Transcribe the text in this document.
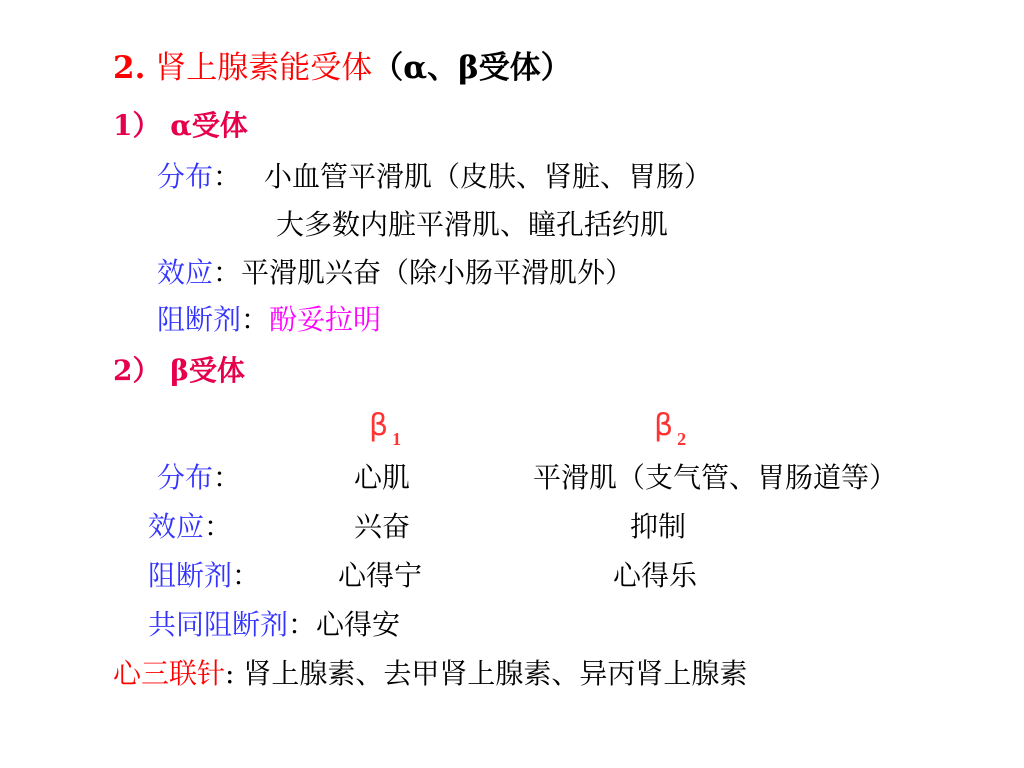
2. 肾上腺素能受体（α、β受体）
1） α受体
分布： 小血管平滑肌（皮肤、肾脏、胃肠）
大多数内脏平滑肌、瞳孔括约肌
效应：平滑肌兴奋（除小肠平滑肌外）
阻断剂：酚妥拉明
2） β受体
β $_1$	β $_2$
分布：	心肌	平滑肌（支气管、胃肠道等）
效应：	兴奋	抑制
阻断剂：	心得宁	心得乐
共同阻断剂：心得安
心三联针: 肾上腺素、去甲肾上腺素、异丙肾上腺素
